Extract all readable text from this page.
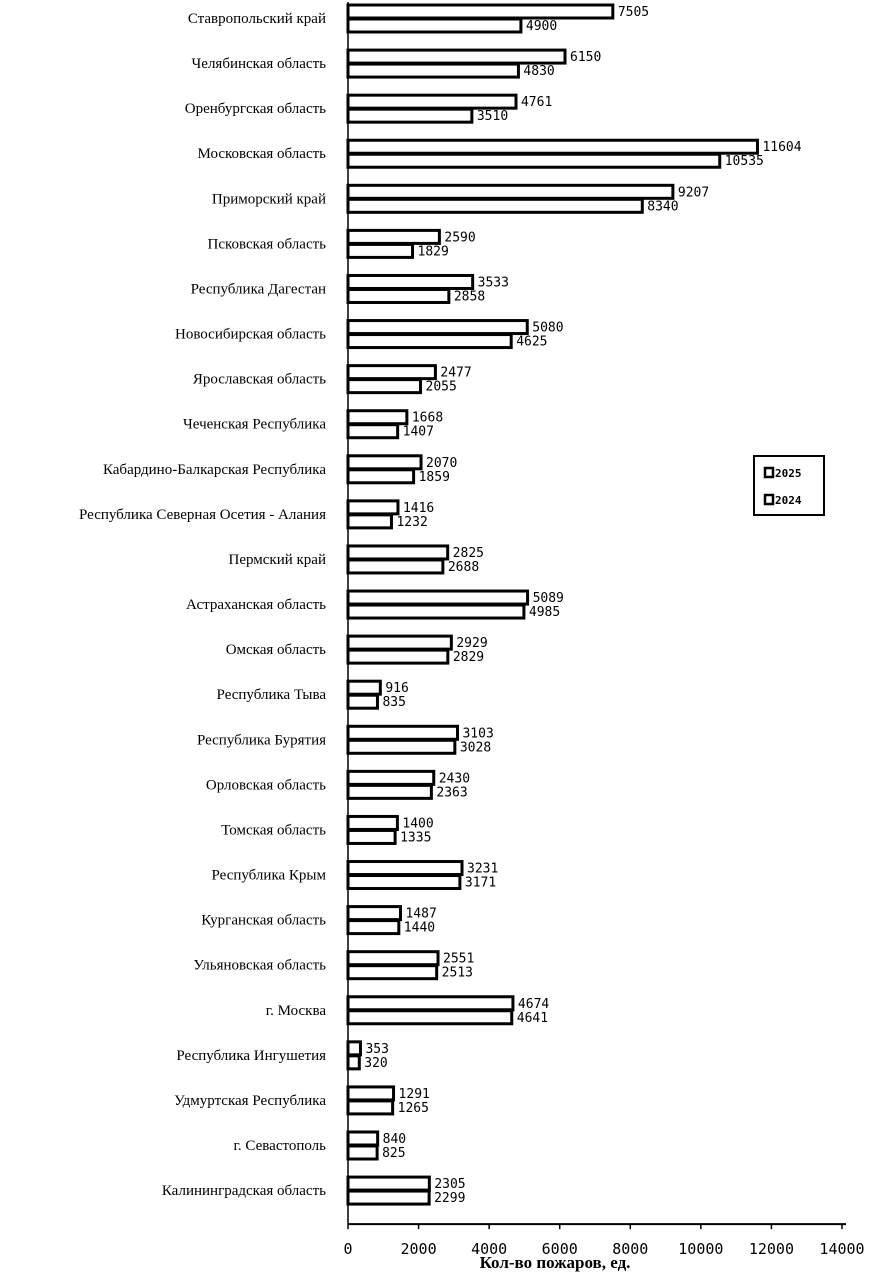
Ставропольский край
Челябинская область
Оренбургская область
Московская область
Приморский край
Псковская область
Республика Дагестан
Новосибирская область
Ярославская область
Чеченская Республика
Кабардино-Балкарская Республика
Республика Северная Осетия - Алания
Пермский край
Астраханская область
Омская область
Республика Тыва
Республика Бурятия
Орловская область
Томская область
Республика Крым
Курганская область
Ульяновская область
г. Москва
Республика Ингушетия
Удмуртская Республика
г. Севастополь
Калининградская область
7505
4900
6150
4830
4761
3510
11604
10535
9207
8340
2590
1829
3533
2858
5080
4625
2477
2055
1668
1407
2070
1859
1416
1232
2825
2688
5089
4985
2929
2829
916
835
3103
3028
2430
2363
1400
1335
3231
3171
1487
1440
2551
2513
4674
4641
353
320
1291
1265
840
825
2305
2299
0	2000 4000 6000 8000 10000 12000 14000
Кол-во пожаров, ед.
2025
2024
